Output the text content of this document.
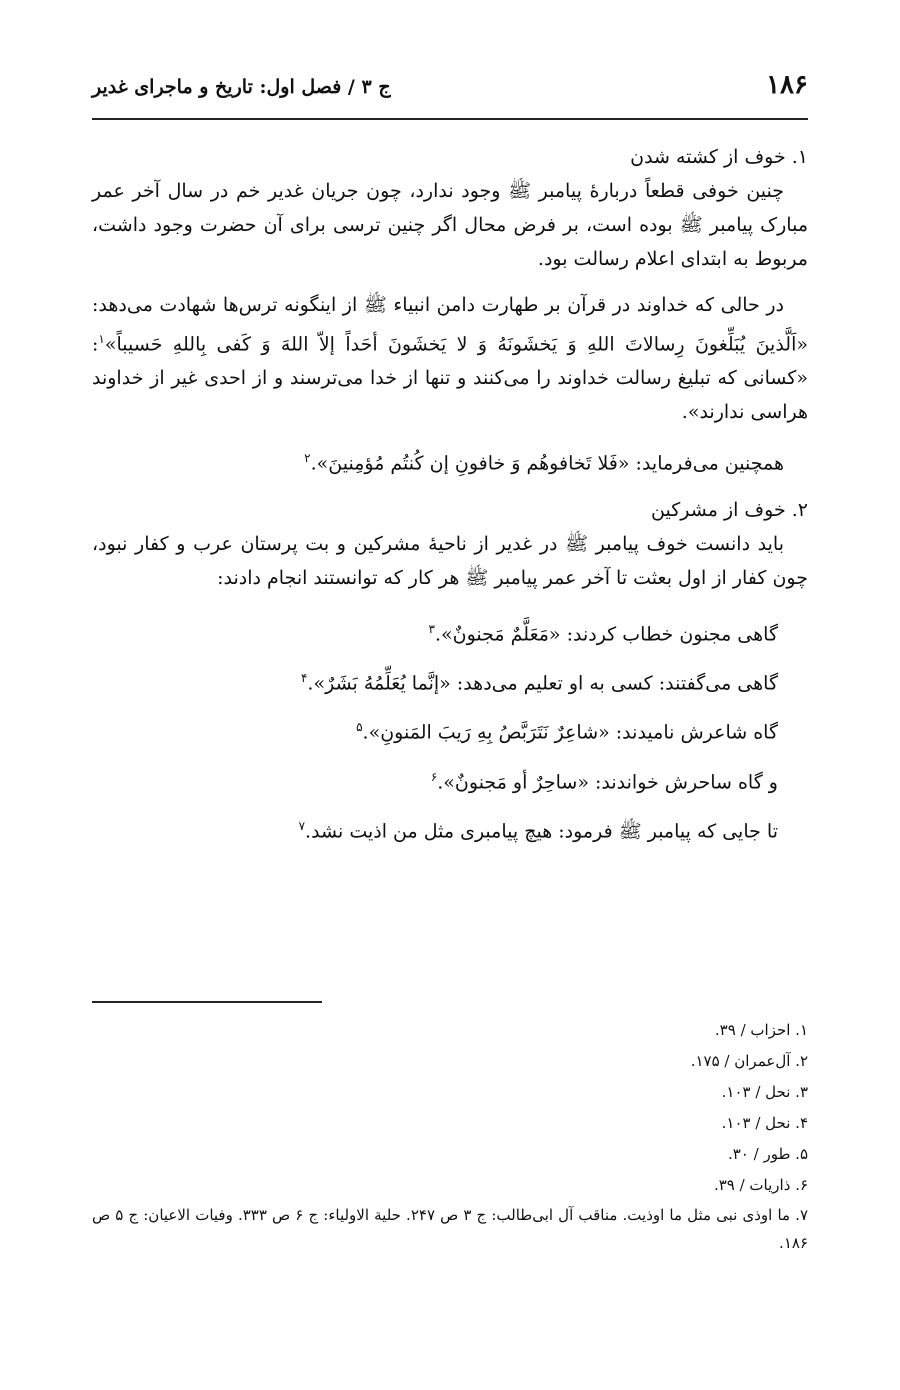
۱۸۶
ج ۳ / فصل اول: تاریخ و ماجرای غدیر
۱. خوف از کشته شدن

چنین خوفی قطعاً دربارهٔ پیامبر ﷺ وجود ندارد، چون جریان غدیر خم در سال آخر عمر مبارک پیامبر ﷺ بوده است، بر فرض محال اگر چنین ترسی برای آن حضرت وجود داشت، مربوط به ابتدای اعلام رسالت بود.

در حالی که خداوند در قرآن بر طهارت دامن انبیاء ﷺ از اینگونه ترس‌ها شهادت می‌دهد: «اَلَّذینَ یُبَلِّغونَ رِسالاتَ اللهِ وَ یَخشَونَهُ وَ لا یَخشَونَ أحَداً إلاّ اللهَ وَ کَفی بِاللهِ حَسیباً»$^۱$: «کسانی که تبلیغ رسالت خداوند را می‌کنند و تنها از خدا می‌ترسند و از احدی غیر از خداوند هراسی ندارند».

همچنین می‌فرماید: «فَلا تَخافوهُم وَ خافونِ إن کُنتُم مُؤمِنینَ».$^۲$

۲. خوف از مشرکین

باید دانست خوف پیامبر ﷺ در غدیر از ناحیهٔ مشرکین و بت پرستان عرب و کفار نبود، چون کفار از اول بعثت تا آخر عمر پیامبر ﷺ هر کار که توانستند انجام دادند:

گاهی مجنون خطاب کردند: «مَعَلَّمٌ مَجنونٌ».$^۳$

گاهی می‌گفتند: کسی به او تعلیم می‌دهد: «إنَّما یُعَلِّمُهُ بَشَرٌ».$^۴$

گاه شاعرش نامیدند: «شاعِرٌ نَتَرَبَّصُ بِهِ رَیبَ المَنونِ».$^۵$

و گاه ساحرش خواندند: «ساحِرٌ أو مَجنونٌ».$^۶$

تا جایی که پیامبر ﷺ فرمود: هیچ پیامبری مثل من اذیت نشد.$^۷$

۱. احزاب / ۳۹.
۲. آل‌عمران / ۱۷۵.
۳. نحل / ۱۰۳.
۴. نحل / ۱۰۳.
۵. طور / ۳۰.
۶. ذاریات / ۳۹.
۷. ما اوذی نبی مثل ما اوذیت. مناقب آل ابی‌طالب: ج ۳ ص ۲۴۷. حلیة الاولیاء: ج ۶ ص ۳۳۳. وفیات الاعیان: ج ۵ ص ۱۸۶.
